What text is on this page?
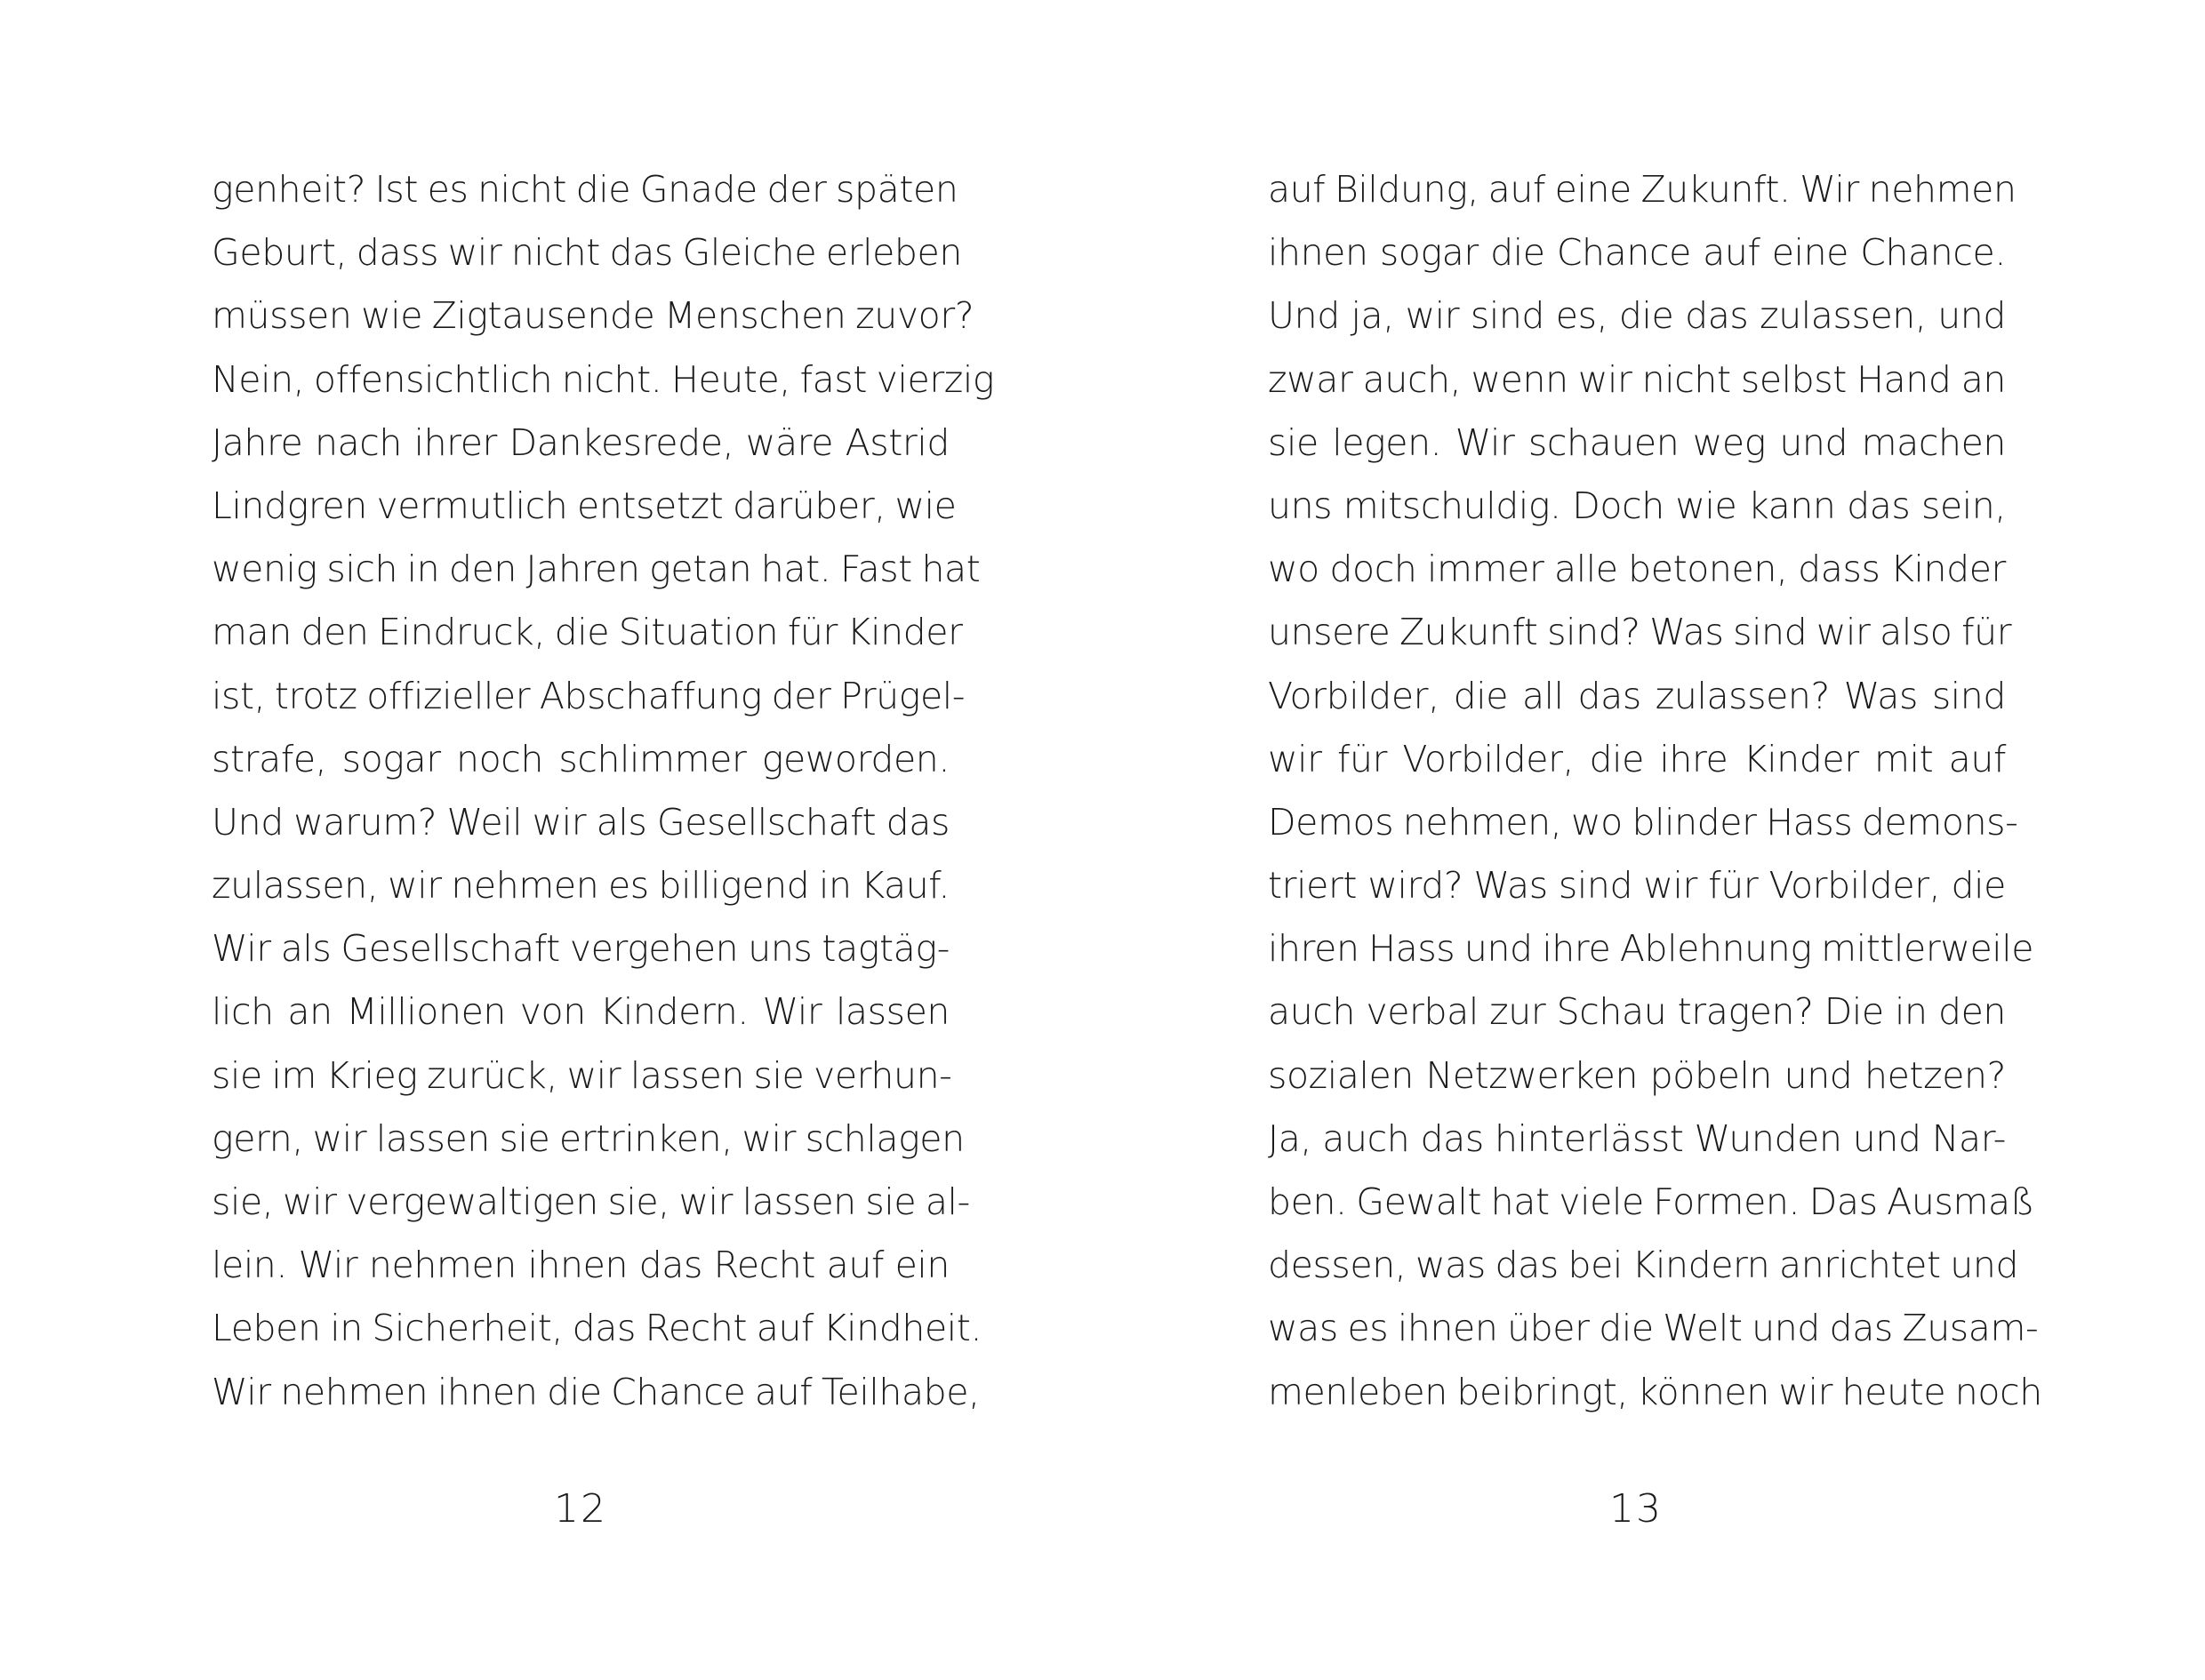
genheit? Ist es nicht die Gnade der späten
Geburt, dass wir nicht das Gleiche erleben
müssen wie Zigtausende Menschen zuvor?
Nein, offensichtlich nicht. Heute, fast vierzig
Jahre nach ihrer Dankesrede, wäre Astrid
Lindgren vermutlich entsetzt darüber, wie
wenig sich in den Jahren getan hat. Fast hat
man den Eindruck, die Situation für Kinder
ist, trotz offizieller Abschaffung der Prügel-
strafe, sogar noch schlimmer geworden.
Und warum? Weil wir als Gesellschaft das
zulassen, wir nehmen es billigend in Kauf.
Wir als Gesellschaft vergehen uns tagtäg-
lich an Millionen von Kindern. Wir lassen
sie im Krieg zurück, wir lassen sie verhun-
gern, wir lassen sie ertrinken, wir schlagen
sie, wir vergewaltigen sie, wir lassen sie al-
lein. Wir nehmen ihnen das Recht auf ein
Leben in Sicherheit, das Recht auf Kindheit.
Wir nehmen ihnen die Chance auf Teilhabe,
12
auf Bildung, auf eine Zukunft. Wir nehmen
ihnen sogar die Chance auf eine Chance.
Und ja, wir sind es, die das zulassen, und
zwar auch, wenn wir nicht selbst Hand an
sie legen. Wir schauen weg und machen
uns mitschuldig. Doch wie kann das sein,
wo doch immer alle betonen, dass Kinder
unsere Zukunft sind? Was sind wir also für
Vorbilder, die all das zulassen? Was sind
wir für Vorbilder, die ihre Kinder mit auf
Demos nehmen, wo blinder Hass demons-
triert wird? Was sind wir für Vorbilder, die
ihren Hass und ihre Ablehnung mittlerweile
auch verbal zur Schau tragen? Die in den
sozialen Netzwerken pöbeln und hetzen?
Ja, auch das hinterlässt Wunden und Nar-
ben. Gewalt hat viele Formen. Das Ausmaß
dessen, was das bei Kindern anrichtet und
was es ihnen über die Welt und das Zusam-
menleben beibringt, können wir heute noch
13
